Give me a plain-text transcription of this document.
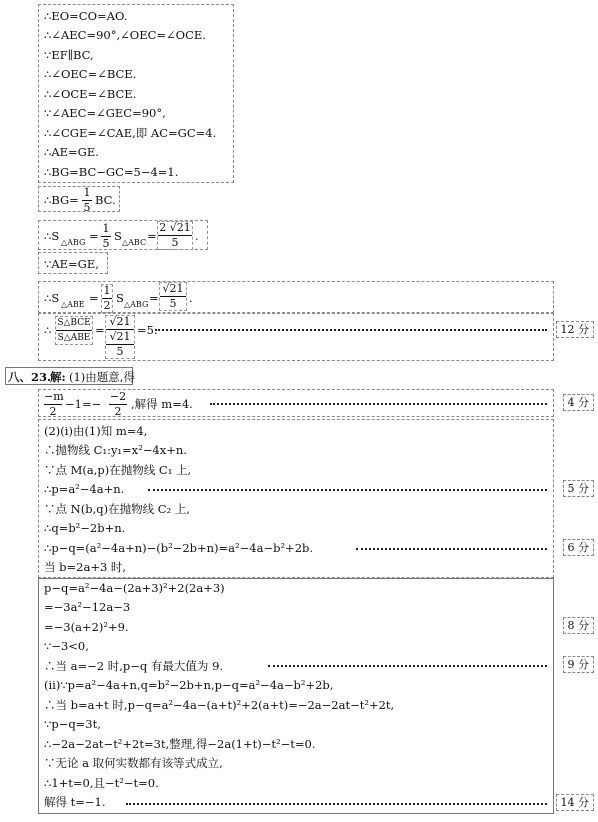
∴EO=CO=AO.
∴∠AEC=90°,∠OEC=∠OCE.
∵EF∥BC,
∴∠OEC=∠BCE.
∴∠OCE=∠BCE.
∵∠AEC=∠GEC=90°,
∴∠CGE=∠CAE,即 AC=GC=4.
∴AE=GE.
∴BG=BC−GC=5−4=1.
∴BG=
1
5
BC.
∴S △ABG =
1
5
S △ABC =
2 √21
5	.
∵AE=GE,
∴S △ABE =
1
2
S △ABG =
√21
5	.
∴ S△BCE
S△ABE
=
√21
√21
5
=5.	12 分
八、23.
解: (1)由题意,得
−m
2
−1=−
−2
2
,解得 m=4.	4 分
(2)(ⅰ)由(1)知 m=4,
∴抛物线 C₁:y₁=x²−4x+n.
∵点 M(a,p)在抛物线 C₁ 上,
∴p=a²−4a+n.
∵点 N(b,q)在抛物线 C₂ 上,
∴q=b²−2b+n.
∴p−q=(a²−4a+n)−(b²−2b+n)=a²−4a−b²+2b.
当 b=2a+3 时,
5 分
6 分
p−q=a²−4a−(2a+3)²+2(2a+3)
=−3a²−12a−3
=−3(a+2)²+9.
∵−3<0,
∴当 a=−2 时,p−q 有最大值为 9.
(ⅱ)∵p=a²−4a+n,q=b²−2b+n,p−q=a²−4a−b²+2b,
∴当 b=a+t 时,p−q=a²−4a−(a+t)²+2(a+t)=−2a−2at−t²+2t,
∵p−q=3t,
∴−2a−2at−t²+2t=3t,整理,得−2a(1+t)−t²−t=0.
∵无论 a 取何实数都有该等式成立,
∴1+t=0,且−t²−t=0.
解得 t=−1.
8 分
9 分
14 分
